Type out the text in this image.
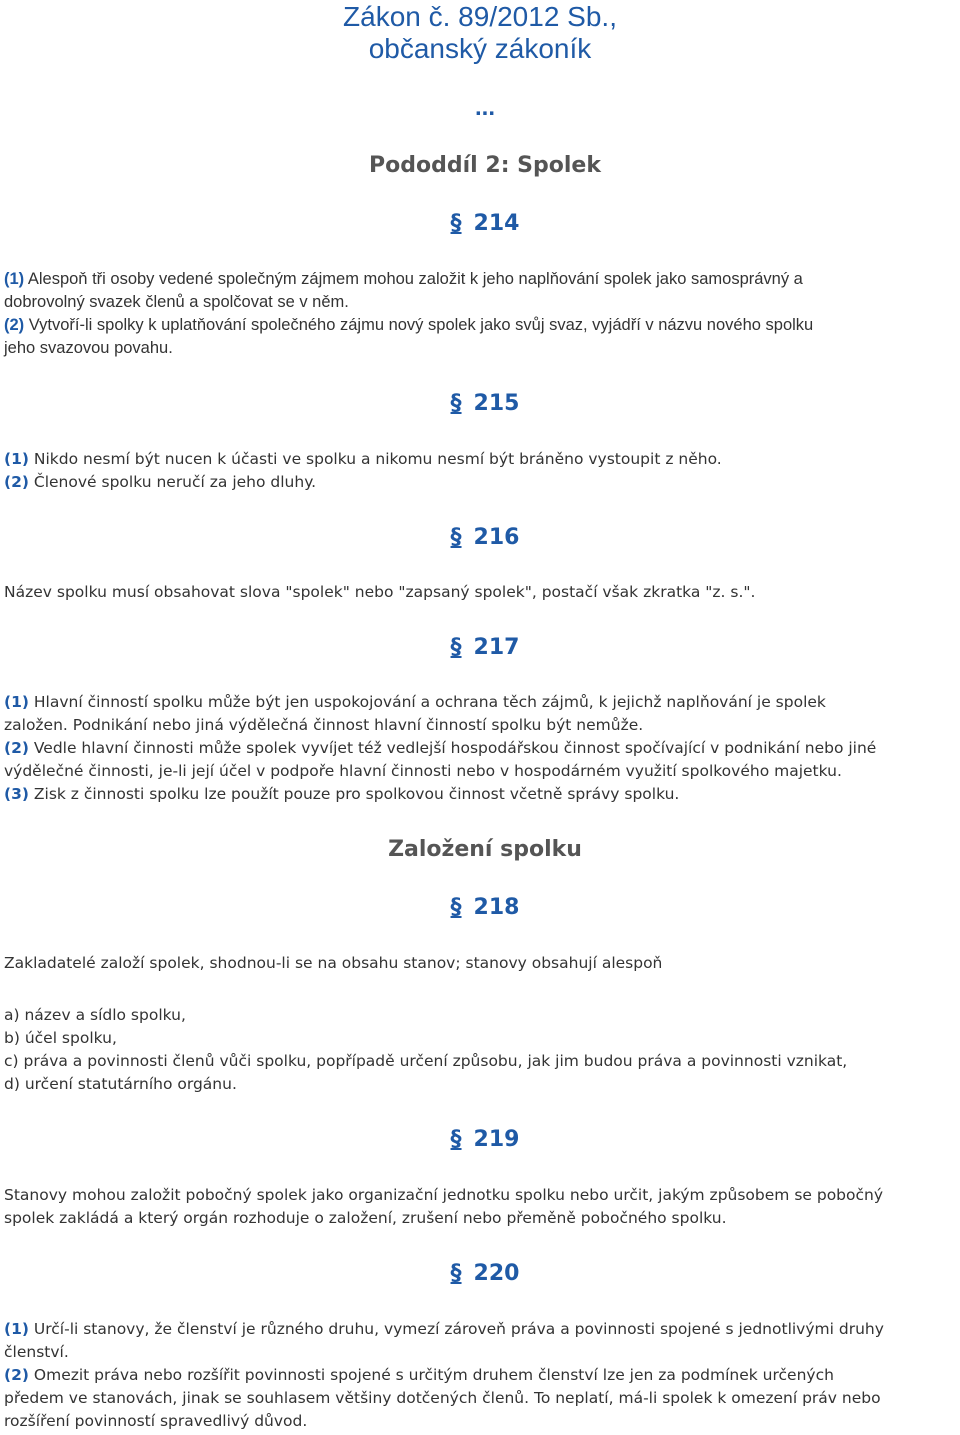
Zákon č. 89/2012 Sb.,
občanský zákoník
...
Pododdíl 2: Spolek
§ 214
(1) Alespoň tři osoby vedené společným zájmem mohou založit k jeho naplňování spolek jako samosprávný a
dobrovolný svazek členů a spolčovat se v něm.
(2) Vytvoří-li spolky k uplatňování společného zájmu nový spolek jako svůj svaz, vyjádří v názvu nového spolku
jeho svazovou povahu.
§ 215
(1) Nikdo nesmí být nucen k účasti ve spolku a nikomu nesmí být bráněno vystoupit z něho.
(2) Členové spolku neručí za jeho dluhy.
§ 216
Název spolku musí obsahovat slova "spolek" nebo "zapsaný spolek", postačí však zkratka "z. s.".
§ 217
(1) Hlavní činností spolku může být jen uspokojování a ochrana těch zájmů, k jejichž naplňování je spolek
založen. Podnikání nebo jiná výdělečná činnost hlavní činností spolku být nemůže.
(2) Vedle hlavní činnosti může spolek vyvíjet též vedlejší hospodářskou činnost spočívající v podnikání nebo jiné
výdělečné činnosti, je-li její účel v podpoře hlavní činnosti nebo v hospodárném využití spolkového majetku.
(3) Zisk z činnosti spolku lze použít pouze pro spolkovou činnost včetně správy spolku.
Založení spolku
§ 218
Zakladatelé založí spolek, shodnou-li se na obsahu stanov; stanovy obsahují alespoň
a) název a sídlo spolku,
b) účel spolku,
c) práva a povinnosti členů vůči spolku, popřípadě určení způsobu, jak jim budou práva a povinnosti vznikat,
d) určení statutárního orgánu.
§ 219
Stanovy mohou založit pobočný spolek jako organizační jednotku spolku nebo určit, jakým způsobem se pobočný
spolek zakládá a který orgán rozhoduje o založení, zrušení nebo přeměně pobočného spolku.
§ 220
(1) Určí-li stanovy, že členství je různého druhu, vymezí zároveň práva a povinnosti spojené s jednotlivými druhy
členství.
(2) Omezit práva nebo rozšířit povinnosti spojené s určitým druhem členství lze jen za podmínek určených
předem ve stanovách, jinak se souhlasem většiny dotčených členů. To neplatí, má-li spolek k omezení práv nebo
rozšíření povinností spravedlivý důvod.
